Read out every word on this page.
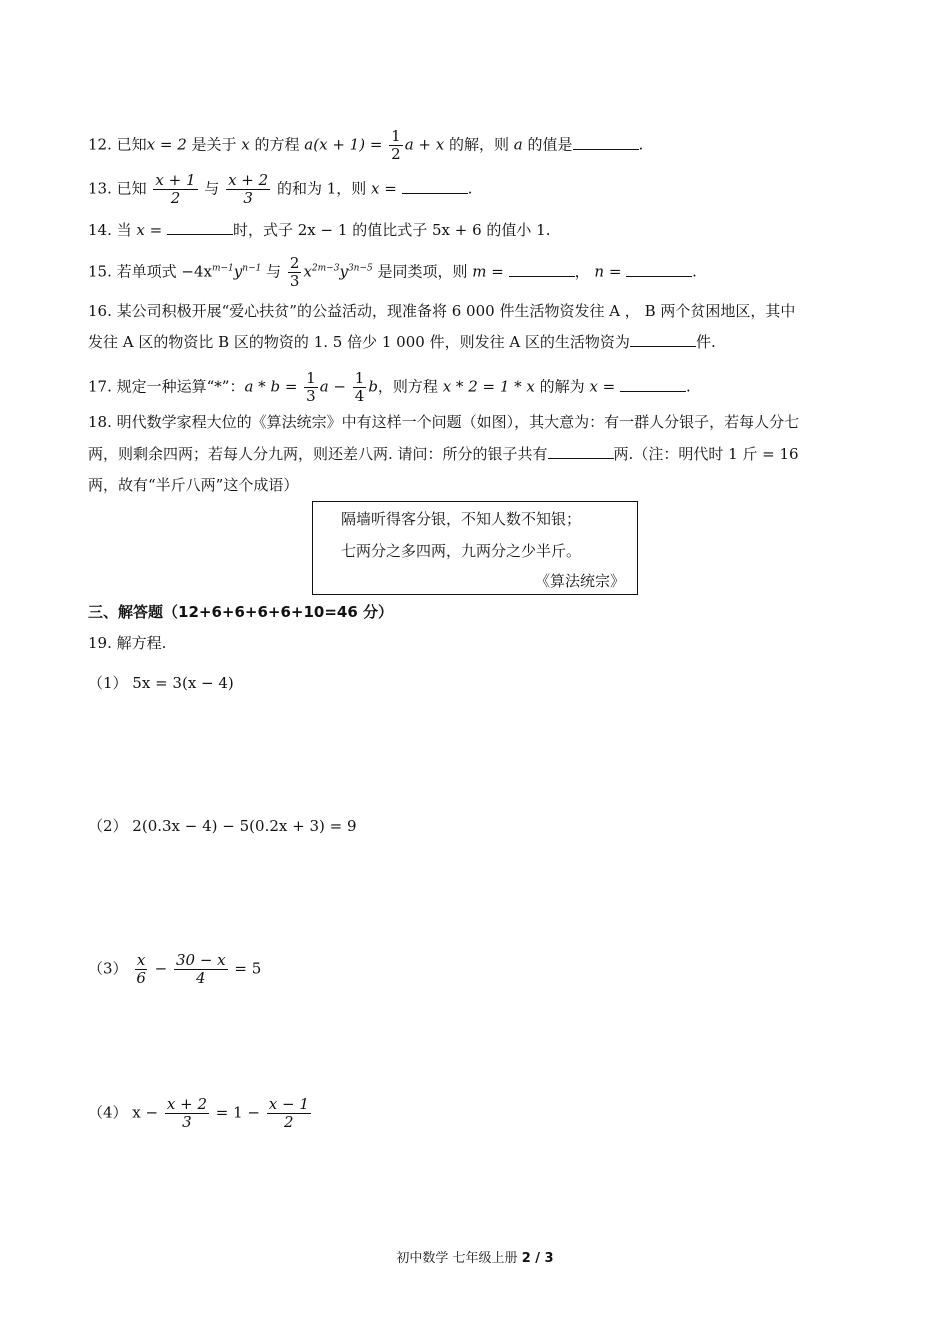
12. 已知x = 2 是关于 x 的方程 $a(x + 1) = \frac{1}{2}$ a + x 的解，则 a 的值是	.
13. 已知 $\frac{x + 1}{2}$ 与 $\frac{x + 2}{3}$ 的和为 1，则 x =	.
14. 当 x =	时，式子 2x − 1 的值比式子 5x + 6 的值小 1.
15. 若单项式 $-4x^{m-1}y^{n-1}$ 与 $\frac{2}{3} x^{2m-3}y^{3n-5}$ 是同类项，则 m =	， n =	.
16. 某公司积极开展“爱心扶贫”的公益活动，现准备将 6 000 件生活物资发往 A ， B 两个贫困地区，其中
发往 A 区的物资比 B 区的物资的 1. 5 倍少 1 000 件，则发往 A 区的生活物资为	件.
17. 规定一种运算“*”：$a * b = \frac{1}{3}$ $a - \frac{1}{4}$ b，则方程 x * 2 = 1 * x 的解为 x =	.
18. 明代数学家程大位的《算法统宗》中有这样一个问题（如图），其大意为：有一群人分银子，若每人分七
两，则剩余四两；若每人分九两，则还差八两. 请问：所分的银子共有	两.（注：明代时 1 斤 = 16
两，故有“半斤八两”这个成语）
隔墙听得客分银，不知人数不知银；
七两分之多四两，九两分之少半斤。
《算法统宗》
三、解答题（12+6+6+6+6+10=46 分）
19. 解方程.
（1） 5x = 3(x − 4)
（2） 2(0.3x − 4) − 5(0.2x + 3) = 9
$(3) \frac{x}{6} - \frac{30 - x}{4} = 5$
（4） $x - \frac{x + 2}{3} = 1 - \frac{x - 1}{2}$
初中数学 七年级上册 2 / 3
